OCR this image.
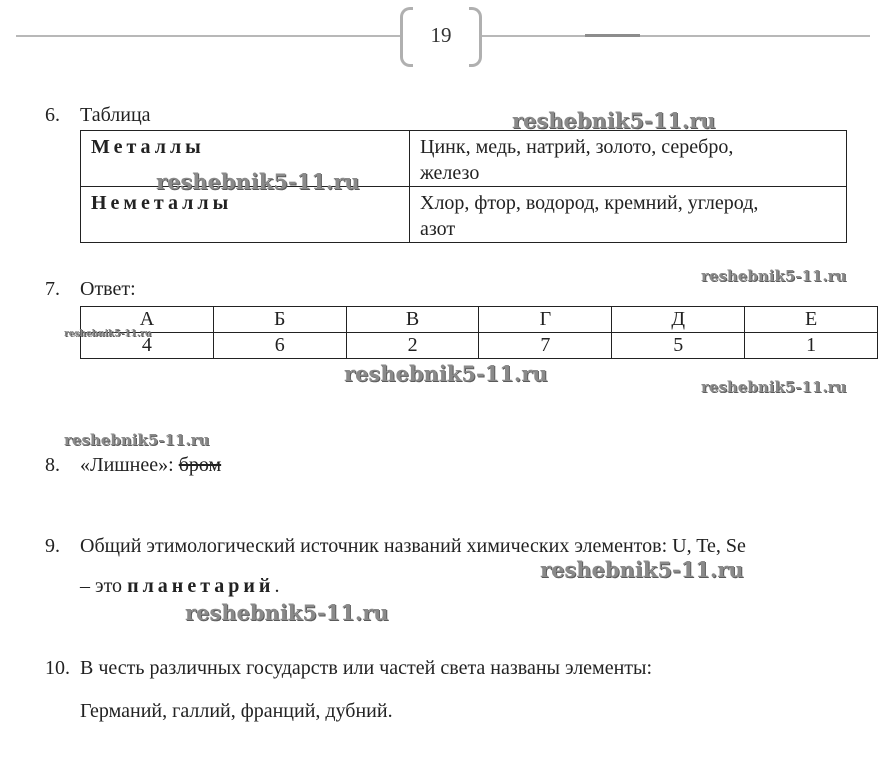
19
6. Таблица
Металлы	Цинк, медь, натрий, золото, серебро,
железо

Неметаллы	Хлор, фтор, водород, кремний, углерод,
азот
7. Ответ:
А	Б	В	Г	Д	Е
4	6	2	7	5	1
8. «Лишнее»: бром
9. Общий этимологический источник названий химических элементов: U, Te, Se
– это планетарий.
10. В честь различных государств или частей света названы элементы:
Германий, галлий, франций, дубний.
reshebnik5-11.ru
reshebnik5-11.ru
reshebnik5-11.ru
reshebnik5-11.ru
reshebnik5-11.ru
reshebnik5-11.ru
reshebnik5-11.ru
reshebnik5-11.ru
reshebnik5-11.ru
